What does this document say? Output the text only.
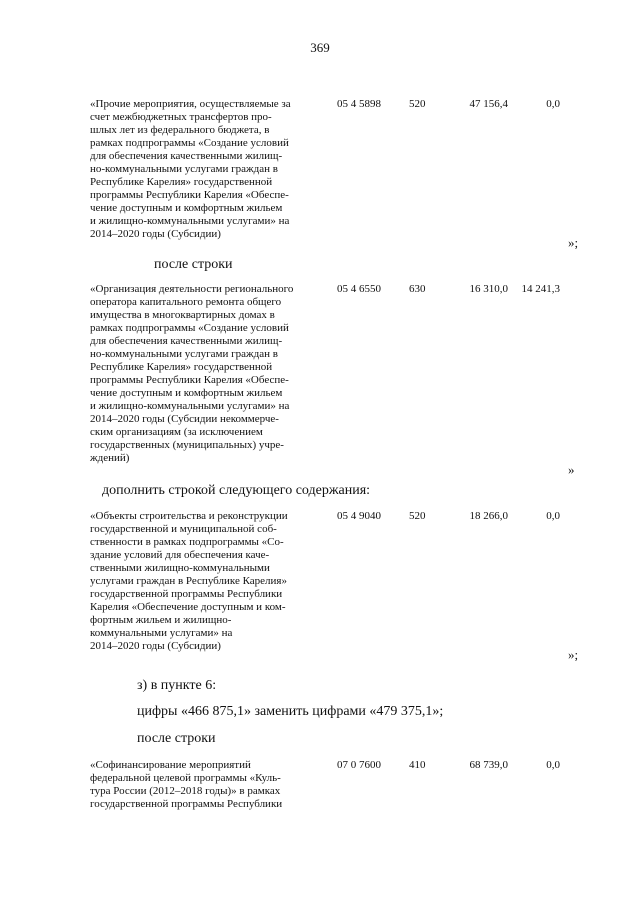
369
«Прочие мероприятия, осуществляемые за
счет межбюджетных трансфертов про-
шлых лет из федерального бюджета, в
рамках подпрограммы «Создание условий
для обеспечения качественными жилищ-
но-коммунальными услугами граждан в
Республике Карелия» государственной
программы Республики Карелия «Обеспе-
чение доступным и комфортным жильем
и жилищно-коммунальными услугами» на
2014–2020 годы (Субсидии)
05 4 5898	520	47 156,4	0,0
»;
после строки
«Организация деятельности регионального
оператора капитального ремонта общего
имущества в многоквартирных домах в
рамках подпрограммы «Создание условий
для обеспечения качественными жилищ-
но-коммунальными услугами граждан в
Республике Карелия» государственной
программы Республики Карелия «Обеспе-
чение доступным и комфортным жильем
и жилищно-коммунальными услугами» на
2014–2020 годы (Субсидии некоммерче-
ским организациям (за исключением
государственных (муниципальных) учре-
ждений)
05 4 6550	630	16 310,0	14 241,3
»
дополнить строкой следующего содержания:
«Объекты строительства и реконструкции
государственной и муниципальной соб-
ственности в рамках подпрограммы «Со-
здание условий для обеспечения каче-
ственными жилищно-коммунальными
услугами граждан в Республике Карелия»
государственной программы Республики
Карелия «Обеспечение доступным и ком-
фортным жильем и жилищно-
коммунальными услугами» на
2014–2020 годы (Субсидии)
05 4 9040	520	18 266,0	0,0
»;
з) в пункте 6:
цифры «466 875,1» заменить цифрами «479 375,1»;
после строки
«Софинансирование мероприятий
федеральной целевой программы «Куль-
тура России (2012–2018 годы)» в рамках
государственной программы Республики
07 0 7600	410	68 739,0	0,0
